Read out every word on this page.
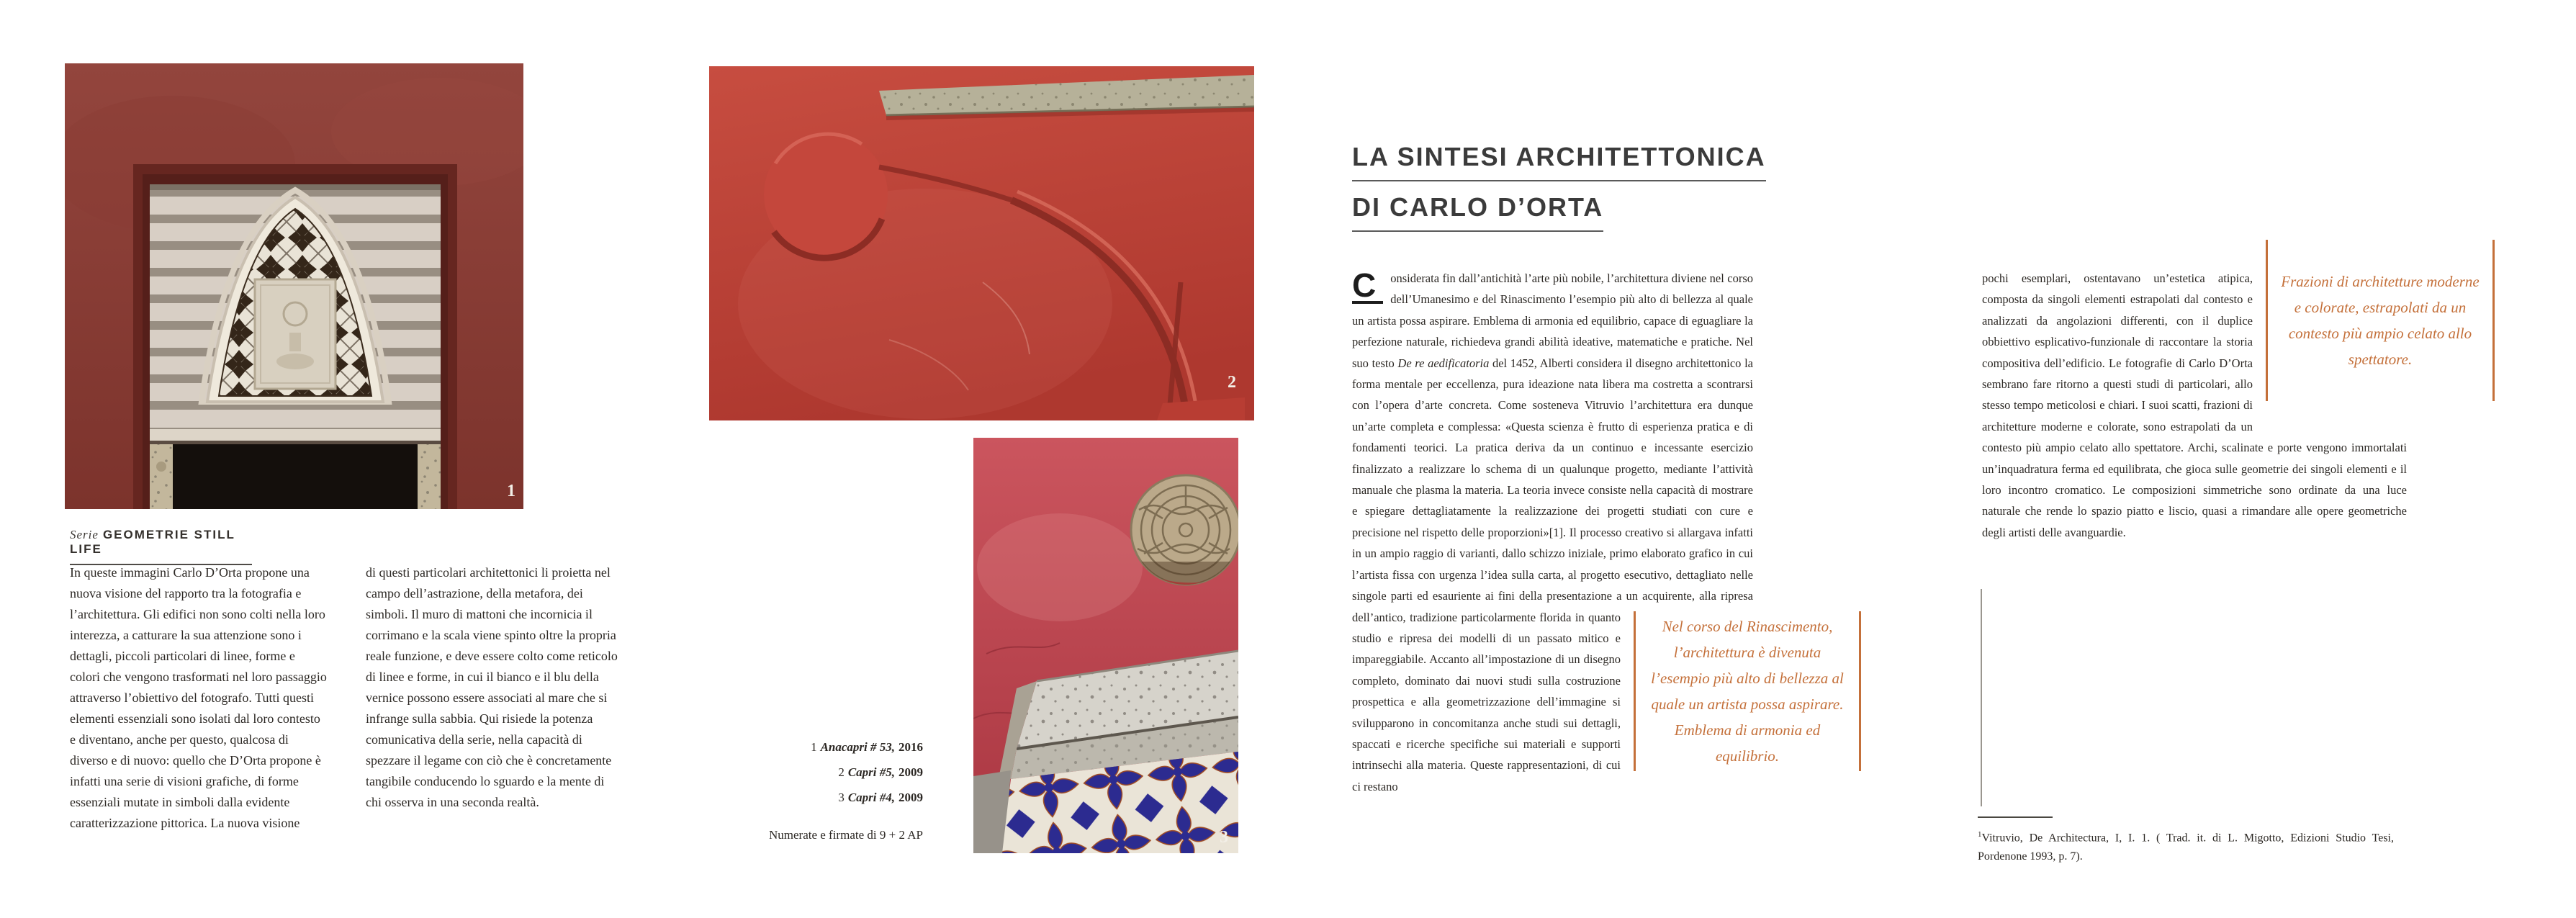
1
Serie GEOMETRIE STILL LIFE
In queste immagini Carlo D’Orta propone una nuova visione del rapporto tra la fotografia e l’architettura. Gli edifici non sono colti nella loro interezza, a catturare la sua attenzione sono i dettagli, piccoli particolari di linee, forme e colori che vengono trasformati nel loro passaggio attraverso l’obiettivo del fotografo. Tutti questi elementi essenziali sono isolati dal loro contesto e diventano, anche per questo, qualcosa di diverso e di nuovo: quello che D’Orta propone è infatti una serie di visioni grafiche, di forme essenziali mutate in simboli dalla evidente caratterizzazione pittorica. La nuova visione
di questi particolari architettonici li proietta nel campo dell’astrazione, della metafora, dei simboli. Il muro di mattoni che incornicia il corrimano e la scala viene spinto oltre la propria reale funzione, e deve essere colto come reticolo di linee e forme, in cui il bianco e il blu della vernice possono essere associati al mare che si infrange sulla sabbia. Qui risiede la potenza comunicativa della serie, nella capacità di spezzare il legame con ciò che è concretamente tangibile conducendo lo sguardo e la mente di chi osserva in una seconda realtà.
2
3
1 Anacapri # 53, 2016
2 Capri #5, 2009
3 Capri #4, 2009
Numerate e firmate di 9 + 2 AP
LA SINTESI ARCHITETTONICA
DI CARLO D’ORTA
C	onsiderata fin dall’antichità l’arte più nobile, l’architettura diviene nel corso dell’Umanesimo e del Rinascimento l’esempio più alto di bellezza al quale un artista possa aspirare. Emblema di armonia ed equilibrio, capace di eguagliare la perfezione naturale, richiedeva grandi abilità ideative, matematiche e pratiche. Nel suo testo De re aedificatoria del 1452, Alberti considera il disegno architettonico la forma mentale per eccellenza, pura ideazione nata libera ma costretta a scontrarsi con l’opera d’arte concreta. Come sosteneva Vitruvio l’architettura era dunque un’arte completa e complessa: «Questa scienza è frutto di esperienza pratica e di fondamenti teorici. La pratica deriva da un continuo e incessante esercizio finalizzato a realizzare lo schema di un qualunque progetto, mediante l’attività manuale che plasma la materia. La teoria invece consiste nella capacità di mostrare e spiegare dettagliatamente la realizzazione dei progetti studiati con cure e precisione nel rispetto delle proporzioni»[1]. Il processo creativo si allargava infatti in un ampio raggio di varianti, dallo schizzo iniziale, primo elaborato grafico in cui l’artista fissa con urgenza l’idea sulla carta, al progetto esecutivo, dettagliato nelle singole parti ed esauriente ai fini della presentazione a un acquirente, alla ripresa dell’antico, tradizione
Nel corso del Rinascimento, l’architettura è divenuta l’esempio più alto di bellezza al quale un artista possa aspirare. Emblema di armonia ed equilibrio.
particolarmente florida in quanto studio e ripresa dei modelli di un passato mitico e impareggiabile. Accanto all’impostazione di un disegno completo, dominato dai nuovi studi sulla costruzione prospettica e alla geometrizzazione dell’immagine si svilupparono in concomitanza anche studi sui dettagli, spaccati e ricerche specifiche sui materiali e supporti intrinsechi alla materia. Queste rappresentazioni, di cui ci restano
Frazioni di architetture moderne e colorate, estrapolati da un contesto più ampio celato allo spettatore.
pochi esemplari, ostentavano un’estetica atipica, composta da singoli elementi estrapolati dal contesto e analizzati da angolazioni differenti, con il duplice obbiettivo esplicativo-funzionale di raccontare la storia compositiva dell’edificio. Le fotografie di Carlo D’Orta sembrano fare ritorno a questi studi di particolari, allo stesso tempo meticolosi e chiari. I suoi scatti, frazioni di architetture moderne e colorate, sono estrapolati da un contesto più ampio celato allo spettatore. Archi, scalinate e porte vengono immortalati un’inquadratura ferma ed equilibrata, che gioca sulle geometrie dei singoli elementi e il loro incontro cromatico. Le composizioni simmetriche sono ordinate da una luce naturale che rende lo spazio piatto e liscio, quasi a rimandare alle opere geometriche degli artisti delle avanguardie.
$^1$Vitruvio, De Architectura, I, I. 1. ( Trad. it. di L. Migotto, Edizioni Studio Tesi, Pordenone 1993, p. 7).
